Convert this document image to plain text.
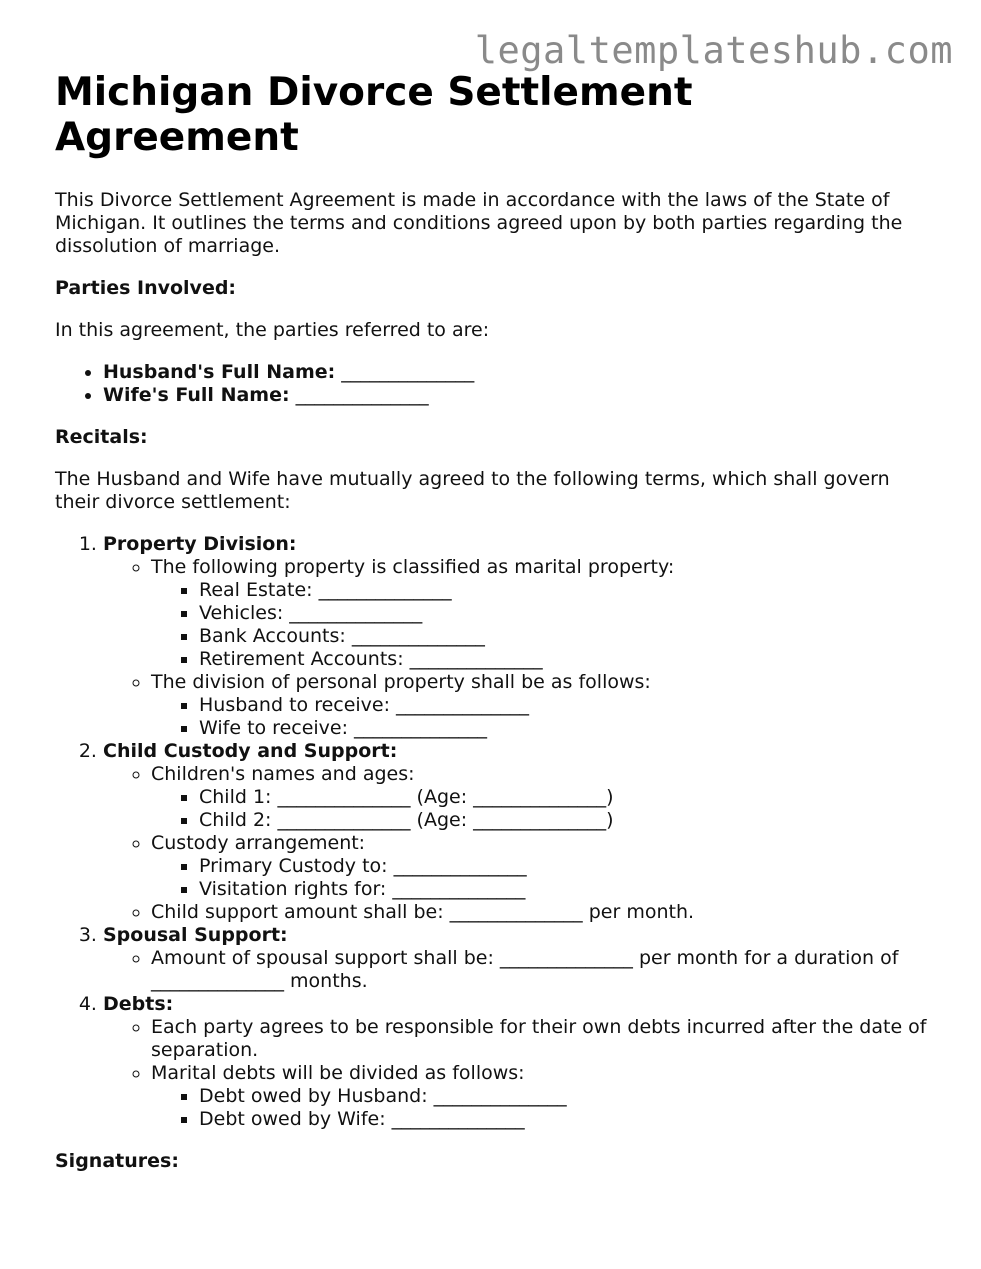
legaltemplateshub.com
Michigan Divorce Settlement Agreement

This Divorce Settlement Agreement is made in accordance with the laws of the State of Michigan. It outlines the terms and conditions agreed upon by both parties regarding the dissolution of marriage.

Parties Involved:

In this agreement, the parties referred to are:

• Husband's Full Name: ______________
• Wife's Full Name: ______________
Recitals:

The Husband and Wife have mutually agreed to the following terms, which shall govern their divorce settlement:

1. Property Division:
◦ The following property is classified as marital property:
▪ Real Estate: ______________
▪ Vehicles: ______________
▪ Bank Accounts: ______________
▪ Retirement Accounts: ______________
◦ The division of personal property shall be as follows:
▪ Husband to receive: ______________
▪ Wife to receive: ______________
2. Child Custody and Support:
◦ Children's names and ages:
▪ Child 1: ______________ (Age: ______________)
▪ Child 2: ______________ (Age: ______________)
◦ Custody arrangement:
▪ Primary Custody to: ______________
▪ Visitation rights for: ______________
◦ Child support amount shall be: ______________ per month.
3. Spousal Support:
◦ Amount of spousal support shall be: ______________ per month for a duration of ______________ months.
4. Debts:
◦ Each party agrees to be responsible for their own debts incurred after the date of separation.
◦ Marital debts will be divided as follows:
▪ Debt owed by Husband: ______________
▪ Debt owed by Wife: ______________
Signatures:
